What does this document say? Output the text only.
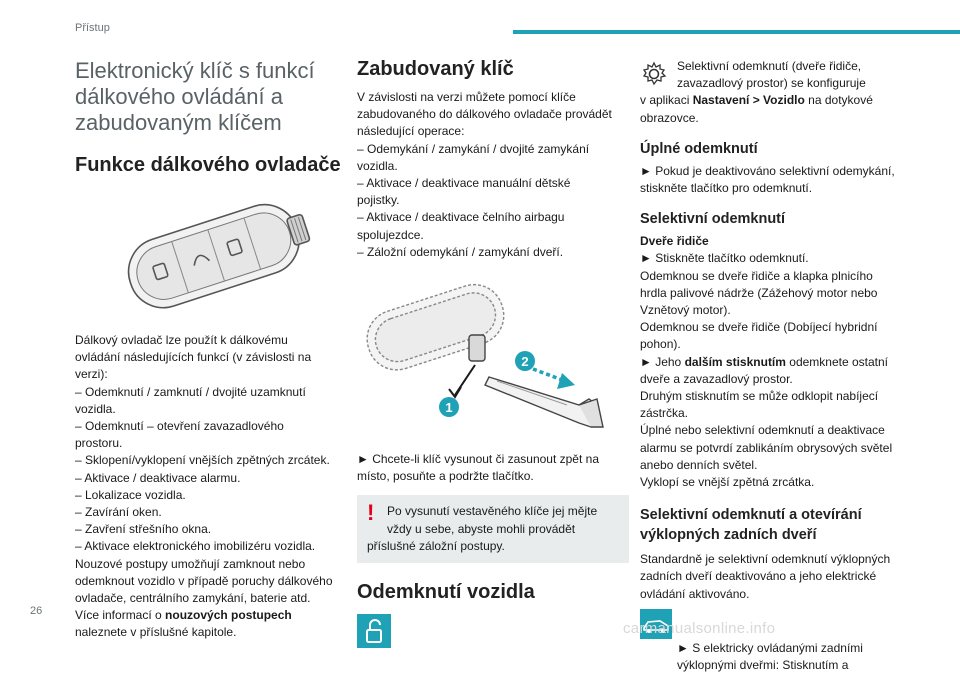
Přístup
Elektronický klíč s funkcí
dálkového ovládání a
zabudovaným klíčem
Funkce dálkového ovladače
Dálkový ovladač lze použít k dálkovému
ovládání následujících funkcí (v závislosti na
verzi):
– Odemknutí / zamknutí / dvojité uzamknutí
vozidla.
– Odemknutí – otevření zavazadlového
prostoru.
– Sklopení/vyklopení vnějších zpětných zrcátek.
– Aktivace / deaktivace alarmu.
– Lokalizace vozidla.
– Zavírání oken.
– Zavření střešního okna.
– Aktivace elektronického imobilizéru vozidla.
Nouzové postupy umožňují zamknout nebo
odemknout vozidlo v případě poruchy dálkového
ovladače, centrálního zamykání, baterie atd.
Více informací o nouzových postupech
naleznete v příslušné kapitole.
Zabudovaný klíč
V závislosti na verzi můžete pomocí klíče
zabudovaného do dálkového ovladače provádět
následující operace:
– Odemykání / zamykání / dvojité zamykání
vozidla.
– Aktivace / deaktivace manuální dětské
pojistky.
– Aktivace / deaktivace čelního airbagu
spolujezdce.
– Záložní odemykání / zamykání dveří.
1
2
► Chcete-li klíč vysunout či zasunout zpět na
místo, posuňte a podržte tlačítko.
! Po vysunutí vestavěného klíče jej mějte
vždy u sebe, abyste mohli provádět
příslušné záložní postupy.
Odemknutí vozidla
Selektivní odemknutí (dveře řidiče,
zavazadlový prostor) se konfiguruje
v aplikaci Nastavení > Vozidlo na dotykové
obrazovce.
Úplné odemknutí
► Pokud je deaktivováno selektivní odemykání,
stiskněte tlačítko pro odemknutí.
Selektivní odemknutí
Dveře řidiče
► Stiskněte tlačítko odemknutí.
Odemknou se dveře řidiče a klapka plnicího
hrdla palivové nádrže (Zážehový motor nebo
Vznětový motor).
Odemknou se dveře řidiče (Dobíjecí hybridní
pohon).
► Jeho dalším stisknutím odemknete ostatní
dveře a zavazadlový prostor.
Druhým stisknutím se může odklopit nabíjecí
zástrčka.
Úplné nebo selektivní odemknutí a deaktivace
alarmu se potvrdí zablikáním obrysových světel
anebo denních světel.
Vyklopí se vnější zpětná zrcátka.
Selektivní odemknutí a otevírání
výklopných zadních dveří
Standardně je selektivní odemknutí výklopných
zadních dveří deaktivováno a jeho elektrické
ovládání aktivováno.
► S elektricky ovládanými zadními
výklopnými dveřmi: Stisknutím a
26
carmanualsonline.info
